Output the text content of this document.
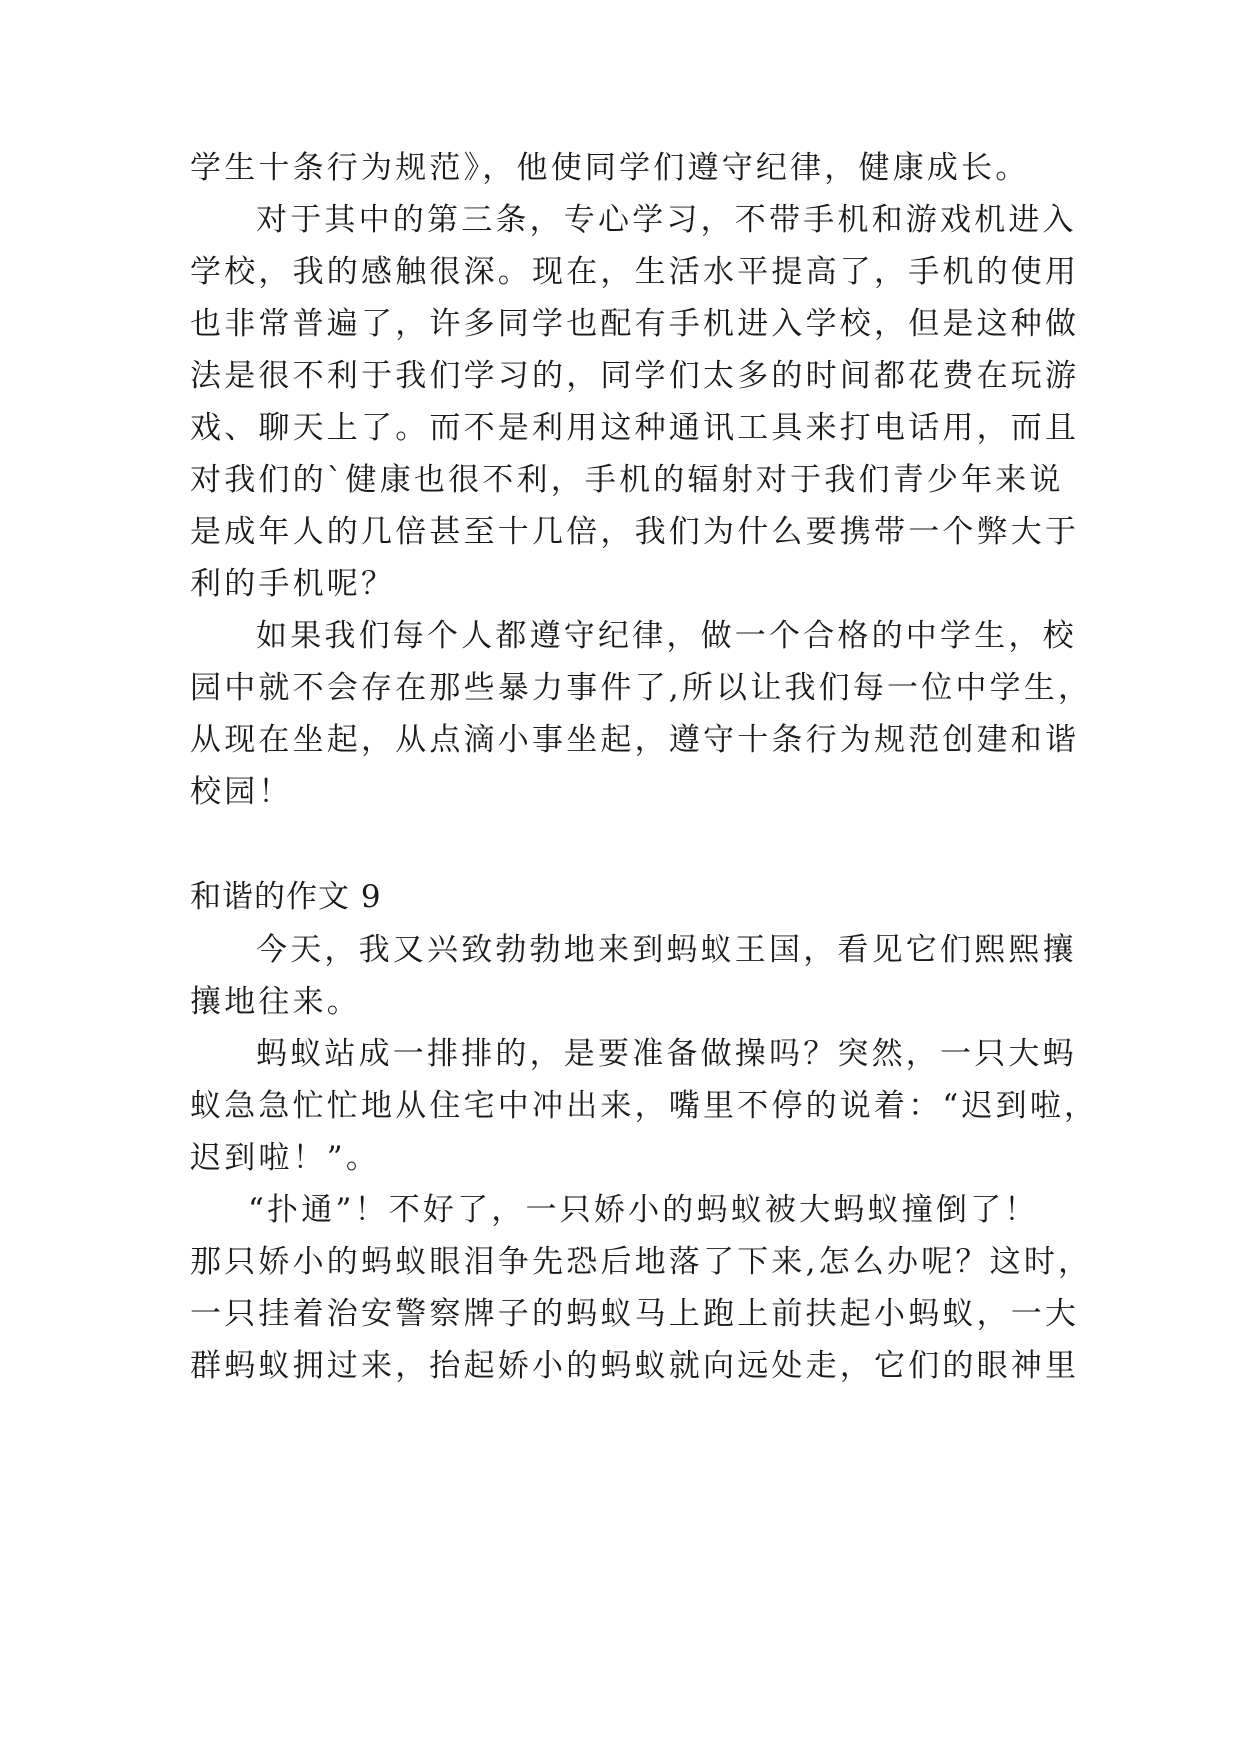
学生十条行为规范》，他使同学们遵守纪律，健康成长。
对于其中的第三条，专心学习，不带手机和游戏机进入
学校，我的感触很深。现在，生活水平提高了，手机的使用
也非常普遍了，许多同学也配有手机进入学校，但是这种做
法是很不利于我们学习的，同学们太多的时间都花费在玩游
戏、聊天上了。而不是利用这种通讯工具来打电话用，而且
对我们的`健康也很不利，手机的辐射对于我们青少年来说
是成年人的几倍甚至十几倍，我们为什么要携带一个弊大于
利的手机呢？
如果我们每个人都遵守纪律，做一个合格的中学生，校
园中就不会存在那些暴力事件了,所以让我们每一位中学生，
从现在坐起，从点滴小事坐起，遵守十条行为规范创建和谐
校园！
和谐的作文 9
今天，我又兴致勃勃地来到蚂蚁王国，看见它们熙熙攘
攘地往来。
蚂蚁站成一排排的，是要准备做操吗？突然，一只大蚂
蚁急急忙忙地从住宅中冲出来，嘴里不停的说着：“迟到啦，
迟到啦！”。
“扑通”！不好了，一只娇小的蚂蚁被大蚂蚁撞倒了！
那只娇小的蚂蚁眼泪争先恐后地落了下来,怎么办呢？这时，
一只挂着治安警察牌子的蚂蚁马上跑上前扶起小蚂蚁，一大
群蚂蚁拥过来，抬起娇小的蚂蚁就向远处走，它们的眼神里
